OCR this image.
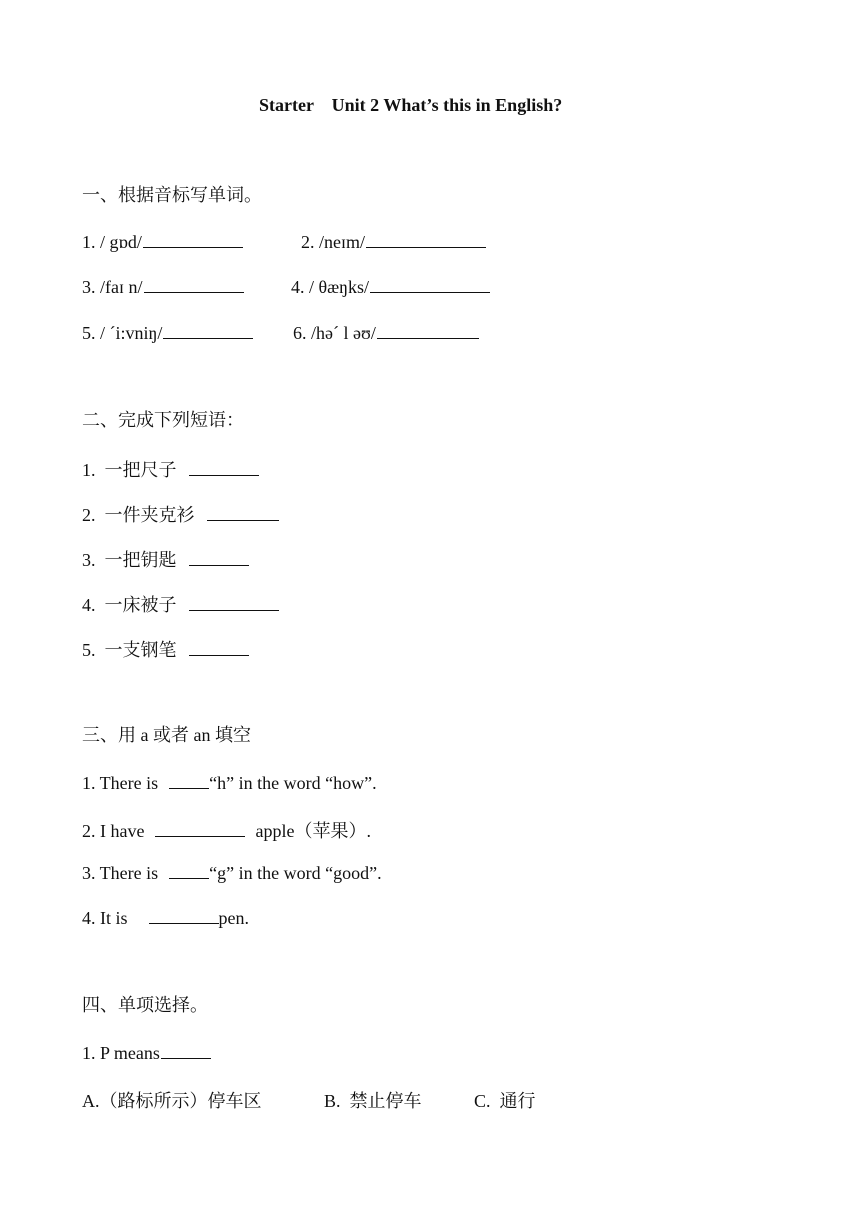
Starter    Unit 2 What’s this in English?
一、根据音标写单词。
1. / gɒd/	2. /neɪm/
3. /faɪ n/	4. / θæŋks/
5. / ˊi:vniŋ/	6. /həˊ l əʊ/
二、完成下列短语：
1. 一把尺子
2. 一件夹克衫
3. 一把钥匙
4. 一床被子
5. 一支钢笔
三、用 a 或者 an 填空
1. There is	“h” in the word “how”.
2. I have	apple（苹果）.
3. There is	“g” in the word “good”.
4. It is	pen.
四、单项选择。
1. P means
A.（路标所示）停车区	B.  禁止停车	C.  通行
